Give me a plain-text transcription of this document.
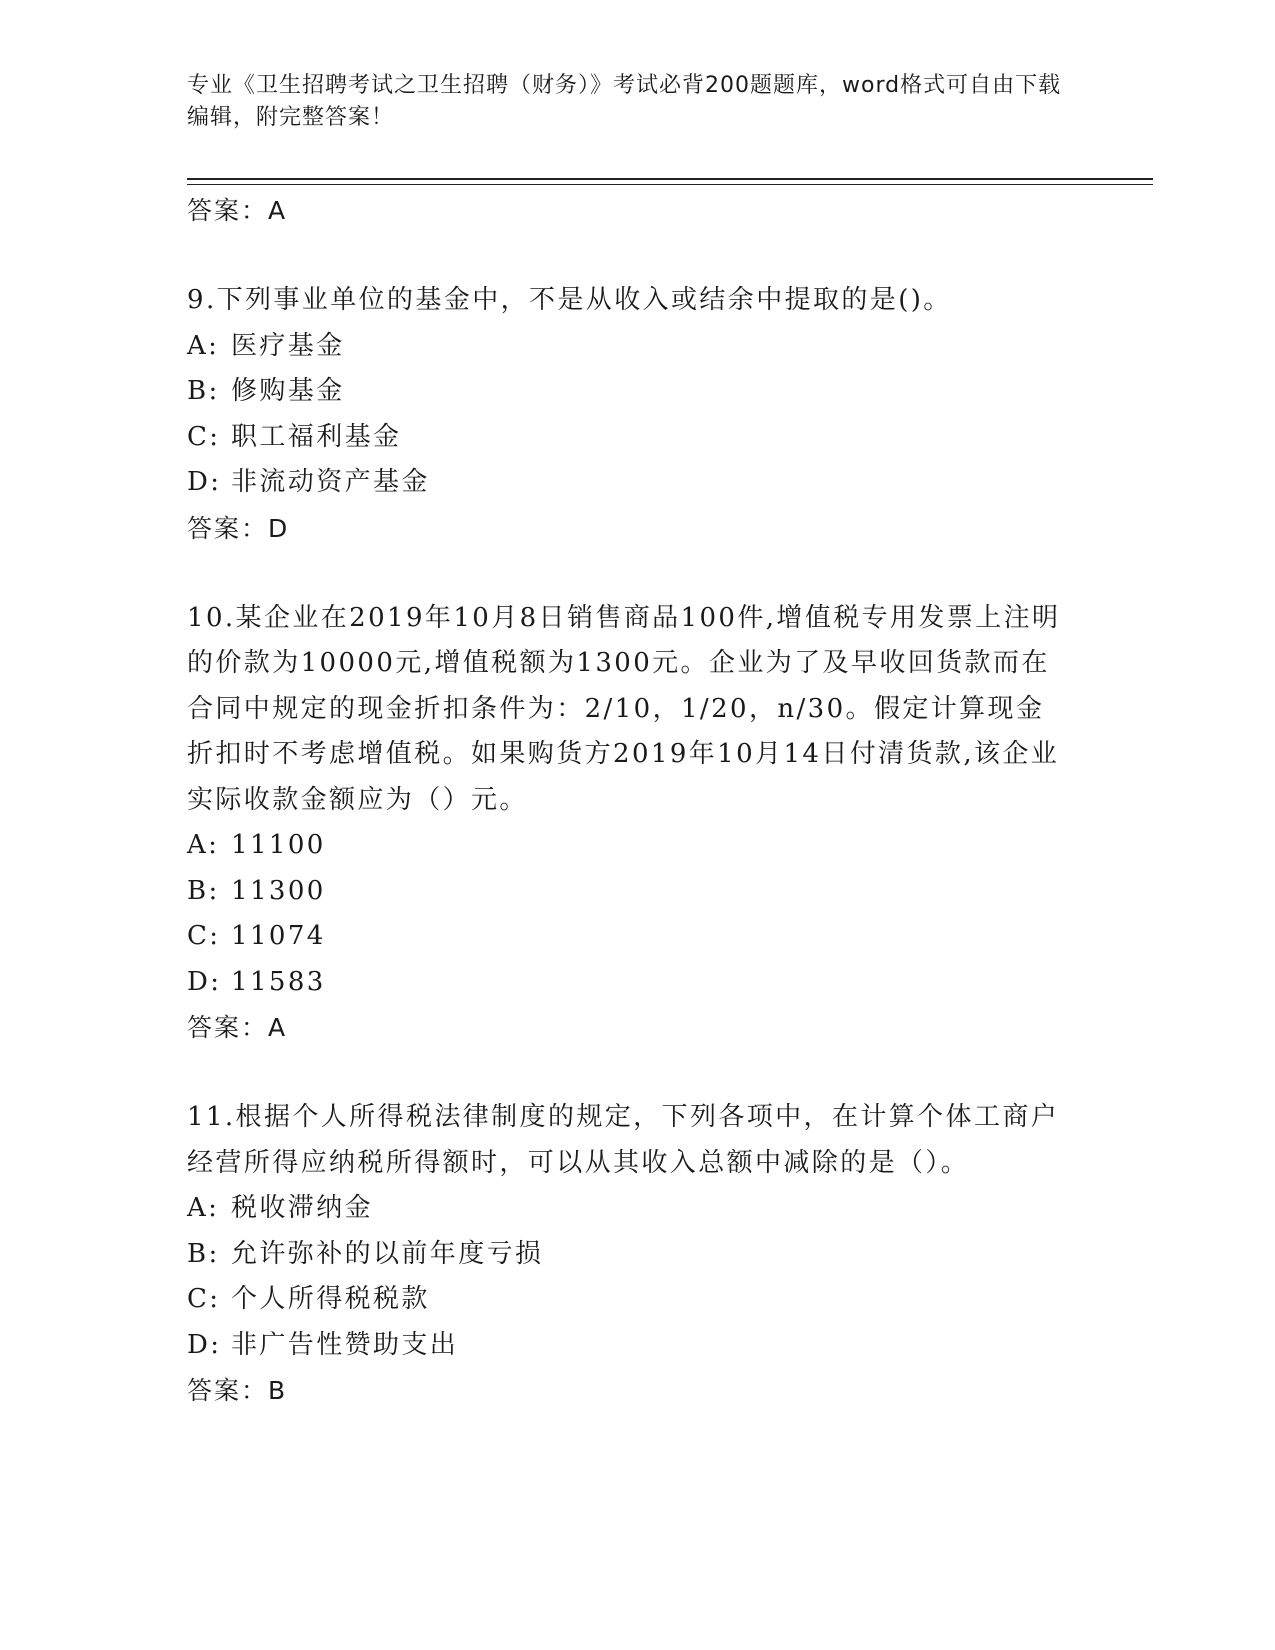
专业《卫生招聘考试之卫生招聘（财务）》考试必背200题题库，word格式可自由下载编辑，附完整答案！

答案：A

9.下列事业单位的基金中，不是从收入或结余中提取的是()。

A: 医疗基金

B: 修购基金

C: 职工福利基金

D: 非流动资产基金

答案：D

10.某企业在2019年10月8日销售商品100件,增值税专用发票上注明的价款为10000元,增值税额为1300元。企业为了及早收回货款而在合同中规定的现金折扣条件为：2/10，1/20，n/30。假定计算现金折扣时不考虑增值税。如果购货方2019年10月14日付清货款,该企业实际收款金额应为（）元。

A: 11100

B: 11300

C: 11074

D: 11583

答案：A

11.根据个人所得税法律制度的规定，下列各项中，在计算个体工商户经营所得应纳税所得额时，可以从其收入总额中减除的是（）。

A: 税收滞纳金

B: 允许弥补的以前年度亏损

C: 个人所得税税款

D: 非广告性赞助支出

答案：B
